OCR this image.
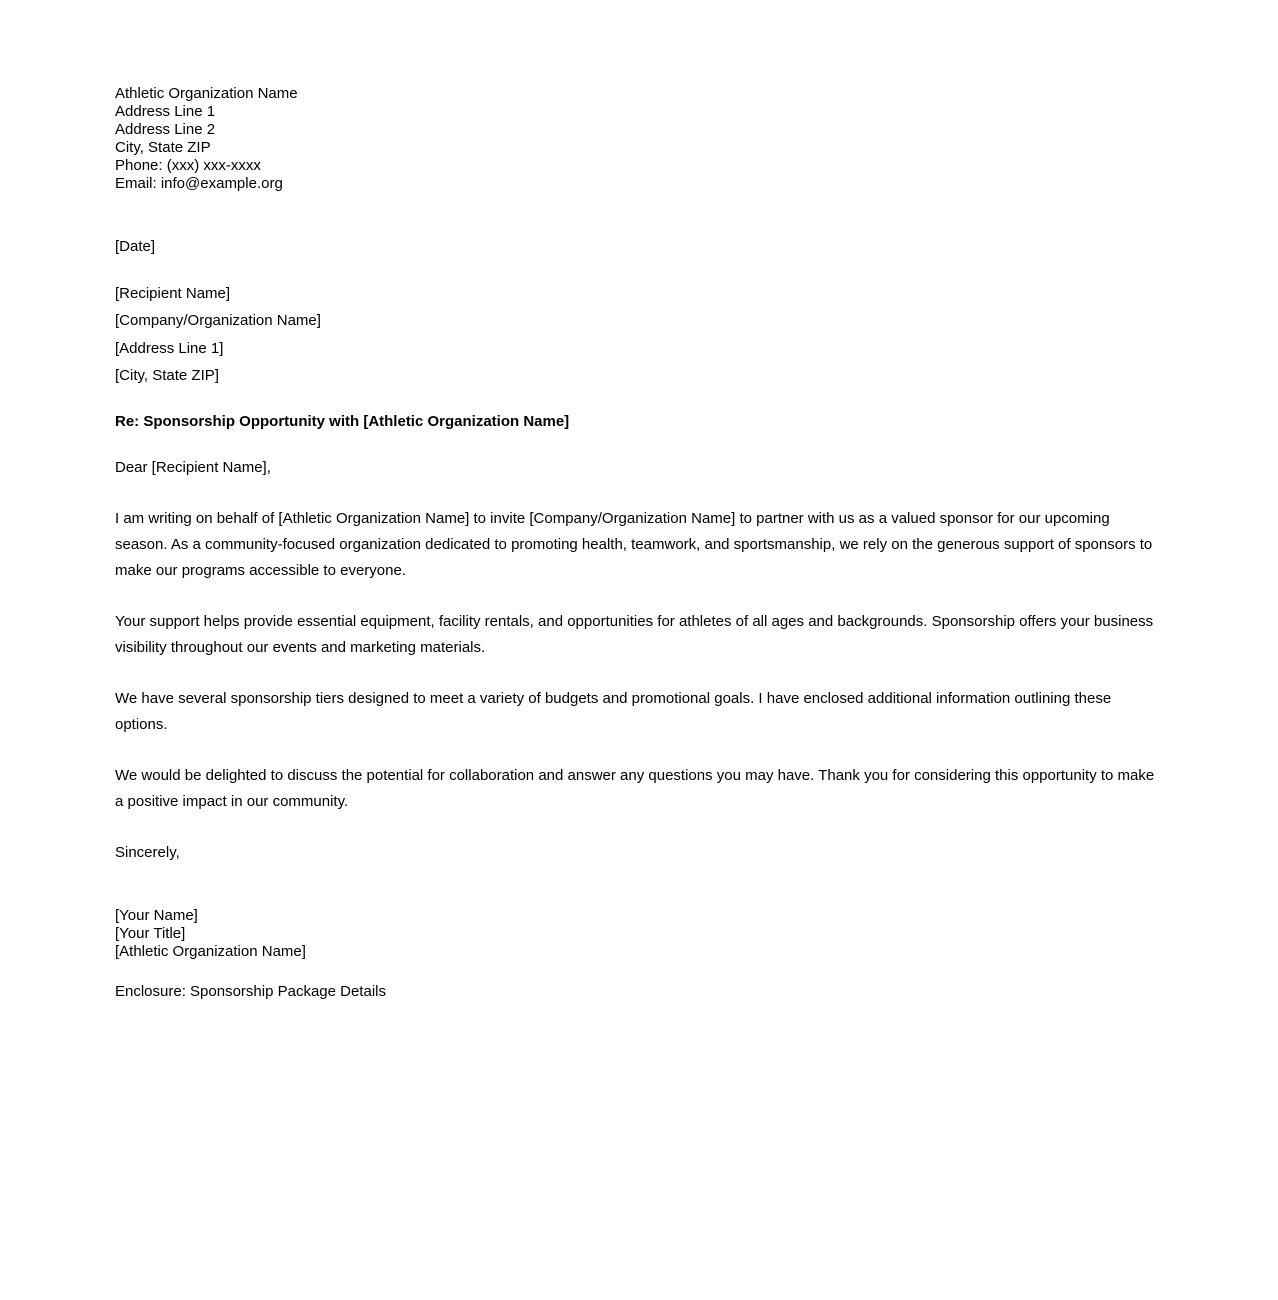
Athletic Organization Name
Address Line 1
Address Line 2
City, State ZIP
Phone: (xxx) xxx-xxxx
Email: info@example.org
[Date]
[Recipient Name]
[Company/Organization Name]
[Address Line 1]
[City, State ZIP]
Re: Sponsorship Opportunity with [Athletic Organization Name]
Dear [Recipient Name],

I am writing on behalf of [Athletic Organization Name] to invite [Company/Organization Name] to partner with us as a valued sponsor for our upcoming season. As a community-focused organization dedicated to promoting health, teamwork, and sportsmanship, we rely on the generous support of sponsors to make our programs accessible to everyone.

Your support helps provide essential equipment, facility rentals, and opportunities for athletes of all ages and backgrounds. Sponsorship offers your business visibility throughout our events and marketing materials.

We have several sponsorship tiers designed to meet a variety of budgets and promotional goals. I have enclosed additional information outlining these options.

We would be delighted to discuss the potential for collaboration and answer any questions you may have. Thank you for considering this opportunity to make a positive impact in our community.

Sincerely,
[Your Name]
[Your Title]
[Athletic Organization Name]
Enclosure: Sponsorship Package Details
